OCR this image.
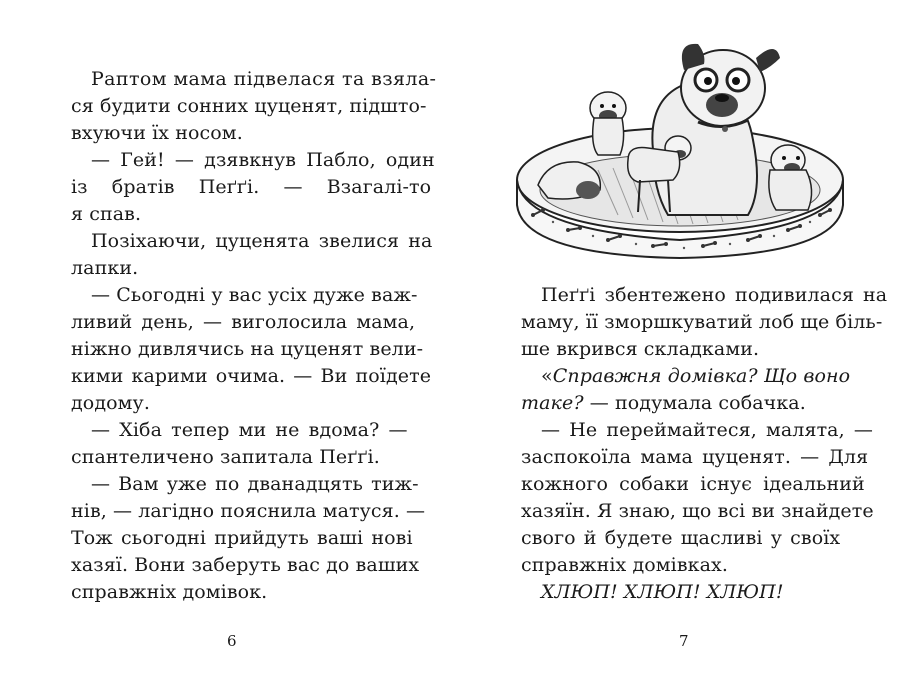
Раптом мама підвелася та взяла-
ся будити сонних цуценят, підшто-
вхуючи їх носом.
— Гей! — дзявкнув Пабло, один
із братів Пеґґі. — Взагалі-то
я спав.
Позіхаючи, цуценята звелися на
лапки.
— Сьогодні у вас усіх дуже важ-
ливий день, — виголосила мама,
ніжно дивлячись на цуценят вели-
кими карими очима. — Ви поїдете
додому.
— Хіба тепер ми не вдома? —
спантеличено запитала Пеґґі.
— Вам уже по дванадцять тиж-
нів, — лагідно пояснила матуся. —
Тож сьогодні прийдуть ваші нові
хазяї. Вони заберуть вас до ваших
справжніх домівок.
6
Пеґґі збентежено подивилася на
маму, її зморшкуватий лоб ще біль-
ше вкрився складками.
«Справжня домівка? Що воно
таке? — подумала собачка.
— Не переймайтеся, малята, —
заспокоїла мама цуценят. — Для
кожного собаки існує ідеальний
хазяїн. Я знаю, що всі ви знайдете
свого й будете щасливі у своїх
справжніх домівках.
ХЛЮП! ХЛЮП! ХЛЮП!
7
